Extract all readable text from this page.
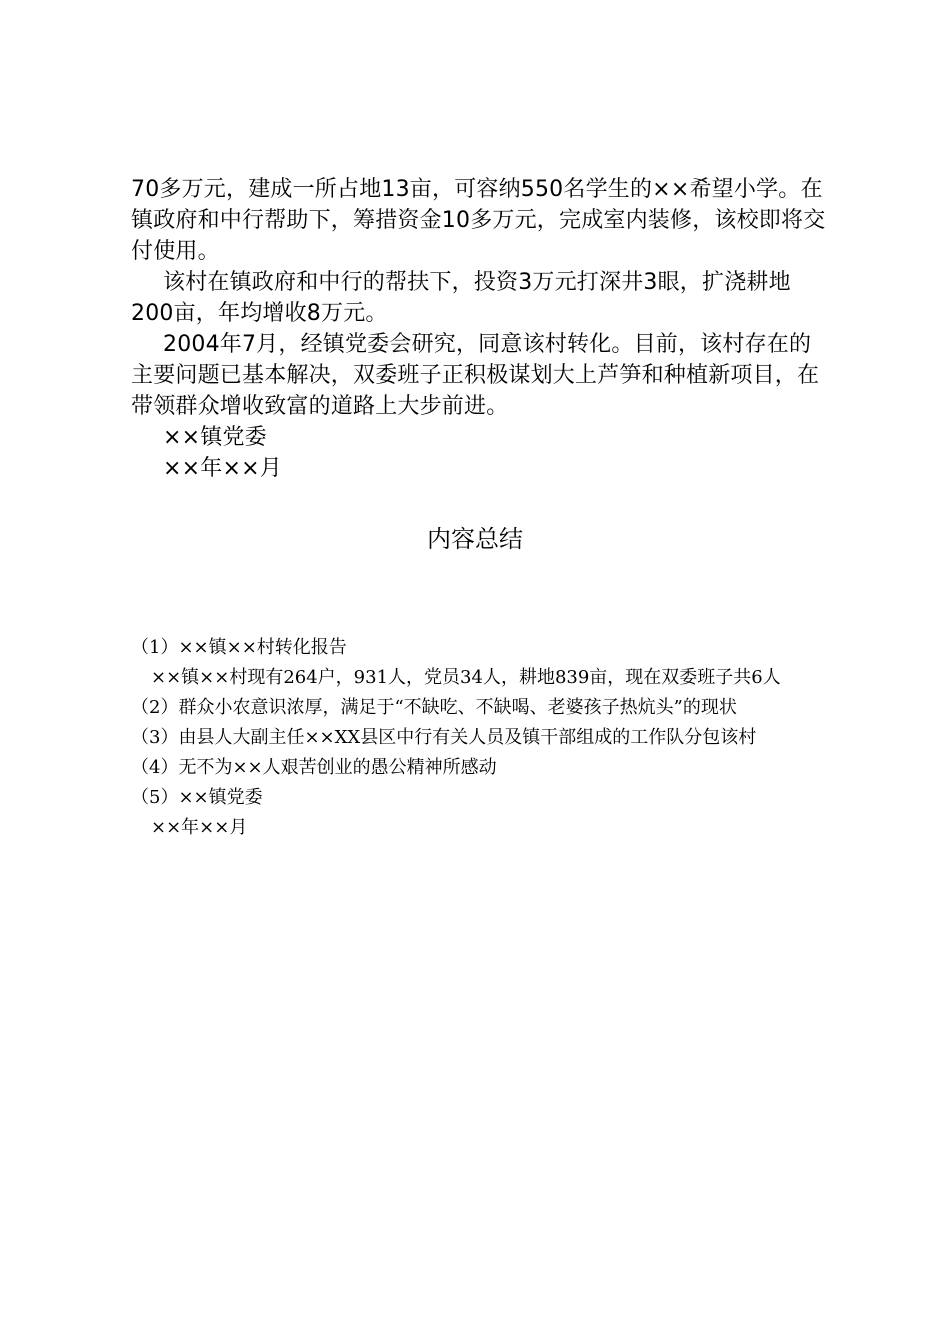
70多万元，建成一所占地13亩，可容纳550名学生的××希望小学。在镇政府和中行帮助下，筹措资金10多万元，完成室内装修，该校即将交付使用。

该村在镇政府和中行的帮扶下，投资3万元打深井3眼，扩浇耕地200亩，年均增收8万元。

2004年7月，经镇党委会研究，同意该村转化。目前，该村存在的主要问题已基本解决，双委班子正积极谋划大上芦笋和种植新项目，在带领群众增收致富的道路上大步前进。

××镇党委

××年××月

内容总结

（1）××镇××村转化报告

××镇××村现有264户，931人，党员34人，耕地839亩，现在双委班子共6人

（2）群众小农意识浓厚，满足于“不缺吃、不缺喝、老婆孩子热炕头”的现状

（3）由县人大副主任××XX县区中行有关人员及镇干部组成的工作队分包该村

（4）无不为××人艰苦创业的愚公精神所感动

（5）××镇党委

××年××月
